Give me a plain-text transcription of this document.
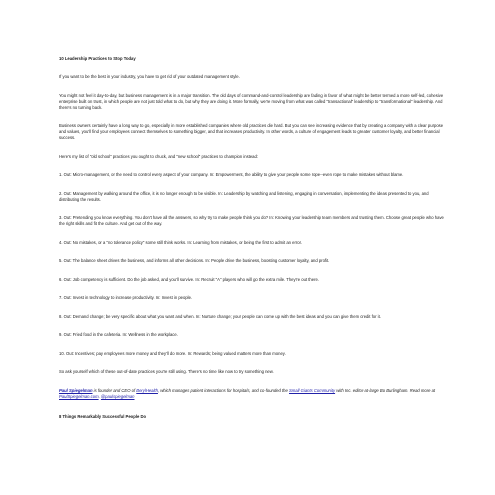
10 Leadership Practices to Stop Today
If you want to be the best in your industry, you have to get rid of your outdated management style.
You might not feel it day-to-day, but business management is in a major transition. The old days of command-and-control leadership are fading in favor of what might be better termed a more self-led, cohesive enterprise built on trust, in which people are not just told what to do, but why they are doing it. More formally, we're moving from what was called "transactional" leadership to "transformational" leadership. And there's no turning back.
Business owners certainly have a long way to go, especially in more established companies where old practices die hard. But you can see increasing evidence that by creating a company with a clear purpose and values, you'll find your employees connect themselves to something bigger, and that increases productivity. In other words, a culture of engagement leads to greater customer loyalty, and better financial success.
Here's my list of "old school" practices you ought to chuck, and "new school" practices to champion instead:
1. Out: Micro-management, or the need to control every aspect of your company. In: Empowerment, the ability to give your people some rope--even rope to make mistakes without blame.
2. Out: Management by walking around the office, it is no longer enough to be visible. In: Leadership by watching and listening, engaging in conversation, implementing the ideas presented to you, and distributing the results.
3. Out: Pretending you know everything. You don't have all the answers, so why try to make people think you do? In: Knowing your leadership team members and trusting them. Choose great people who have the right skills and fit the culture. And get out of the way.
4. Out: No mistakes, or a "no tolerance policy" some still think works. In: Learning from mistakes, or being the first to admit an error.
5. Out: The balance sheet drives the business, and informs all other decisions. In: People drive the business, boosting customer loyalty, and profit.
6. Out: Job competency is sufficient. Do the job asked, and you'll survive. In: Recruit "A" players who will go the extra mile. They're out there.
7. Out: Invest in technology to increase productivity. In: Invest in people.
8. Out: Demand change; be very specific about what you want and when. In: Nurture change; your people can come up with the best ideas and you can give them credit for it.
9. Out: Fried food in the cafeteria. In: Wellness in the workplace.
10. Out: Incentives; pay employees more money and they'll do more. In: Rewards; being valued matters more than money.
So ask yourself which of these out-of-date practices you're still using. There's no time like now to try something new.
Paul Spiegelman is founder and CEO of BerylHealth, which manages patient interactions for hospitals, and co-founded the Small Giants Community with Inc. editor-at-large Bo Burlingham. Read more at PaulSpiegelman.com. @paulspiegelman
8 Things Remarkably Successful People Do
